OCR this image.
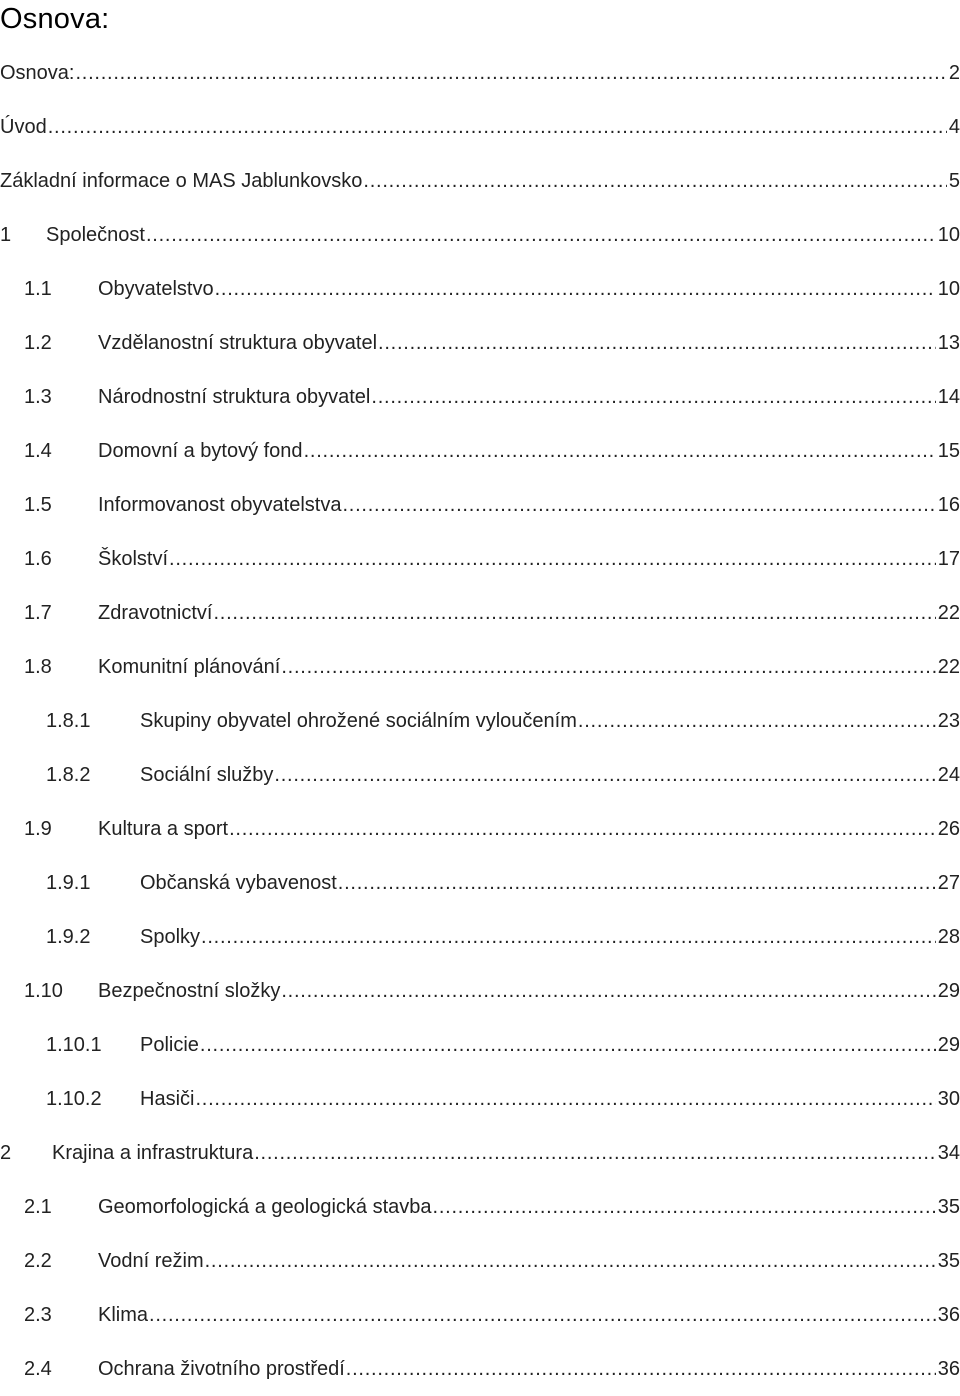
Osnova:
Osnova: . . .	2
Úvod . . .	4
Základní informace o MAS Jablunkovsko . . .	5
1	Společnost . . .	10
1.1	Obyvatelstvo . . .	10
1.2	Vzdělanostní struktura obyvatel . . .	13
1.3	Národnostní struktura obyvatel . . .	14
1.4	Domovní a bytový fond . . .	15
1.5	Informovanost obyvatelstva . . .	16
1.6	Školství . . .	17
1.7	Zdravotnictví . . .	22
1.8	Komunitní plánování . . .	22
1.8.1	Skupiny obyvatel ohrožené sociálním vyloučením . . .	23
1.8.2	Sociální služby . . .	24
1.9	Kultura a sport . . .	26
1.9.1	Občanská vybavenost . . .	27
1.9.2	Spolky . . .	28
1.10	Bezpečnostní složky . . .	29
1.10.1	Policie . . .	29
1.10.2	Hasiči . . .	30
2	Krajina a infrastruktura . . .	34
2.1	Geomorfologická a geologická stavba . . .	35
2.2	Vodní režim . . .	35
2.3	Klima . . .	36
2.4	Ochrana životního prostředí . . .	36
